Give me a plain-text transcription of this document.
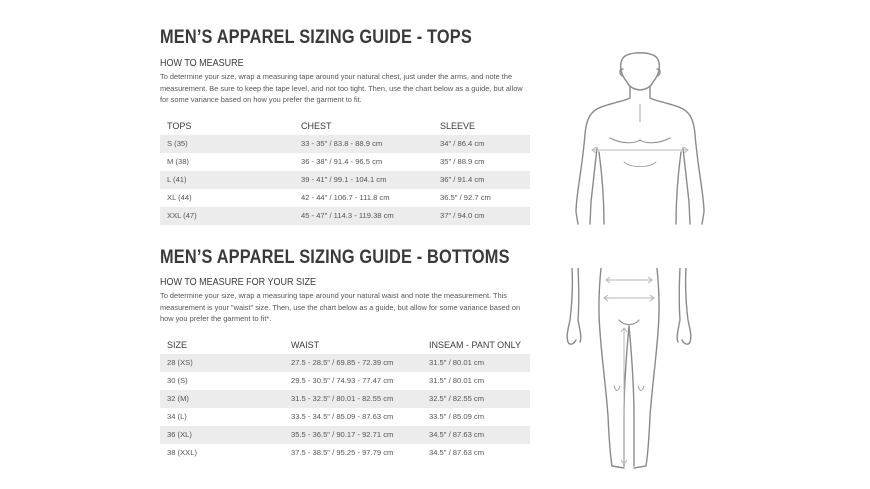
MEN’S APPAREL SIZING GUIDE - TOPS
HOW TO MEASURE

To determine your size, wrap a measuring tape around your natural chest, just under the arms, and note the measurement. Be sure to keep the tape level, and not too tight. Then, use the chart below as a guide, but allow for some variance based on how you prefer the garment to fit.

TOPS	CHEST	SLEEVE
S (35)	33 - 35" / 83.8 - 88.9 cm	34" / 86.4 cm
M (38)	36 - 38" / 91.4 - 96.5 cm	35" / 88.9 cm
L (41)	39 - 41" / 99.1 - 104.1 cm	36" / 91.4 cm
XL (44)	42 - 44" / 106.7 - 111.8 cm	36.5" / 92.7 cm
XXL (47)	45 - 47" / 114.3 - 119.38 cm	37" / 94.0 cm
MEN’S APPAREL SIZING GUIDE - BOTTOMS
HOW TO MEASURE FOR YOUR SIZE

To determine your size, wrap a measuring tape around your natural waist and note the measurement. This measurement is your "waist" size. Then, use the chart below as a guide, but allow for some variance based on how you prefer the garment to fit*.

SIZE	WAIST	INSEAM - PANT ONLY
28 (XS)	27.5 - 28.5" / 69.85 - 72.39 cm	31.5" / 80.01 cm
30 (S)	29.5 - 30.5" / 74.93 - 77.47 cm	31.5" / 80.01 cm
32 (M)	31.5 - 32.5" / 80.01 - 82.55 cm	32.5" / 82.55 cm
34 (L)	33.5 - 34.5" / 85.09 - 87.63 cm	33.5" / 85.09 cm
36 (XL)	35.5 - 36.5" / 90.17 - 92.71 cm	34.5" / 87.63 cm
38 (XXL)	37.5 - 38.5" / 95.25 - 97.79 cm	34.5" / 87.63 cm
